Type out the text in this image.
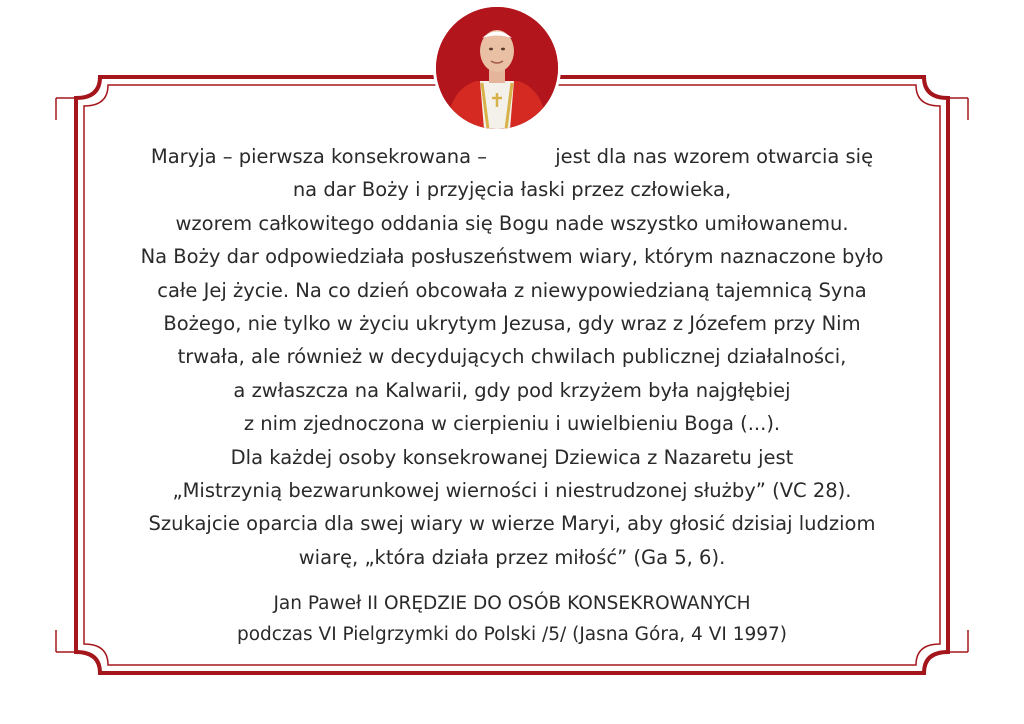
Maryja – pierwsza konsekrowana –           jest dla nas wzorem otwarcia się
na dar Boży i przyjęcia łaski przez człowieka,
wzorem całkowitego oddania się Bogu nade wszystko umiłowanemu.
Na Boży dar odpowiedziała posłuszeństwem wiary, którym naznaczone było
całe Jej życie. Na co dzień obcowała z niewypowiedzianą tajemnicą Syna
Bożego, nie tylko w życiu ukrytym Jezusa, gdy wraz z Józefem przy Nim
trwała, ale również w decydujących chwilach publicznej działalności,
a zwłaszcza na Kalwarii, gdy pod krzyżem była najgłębiej
z nim zjednoczona w cierpieniu i uwielbieniu Boga (...).
Dla każdej osoby konsekrowanej Dziewica z Nazaretu jest
„Mistrzynią bezwarunkowej wierności i niestrudzonej służby” (VC 28).
Szukajcie oparcia dla swej wiary w wierze Maryi, aby głosić dzisiaj ludziom
wiarę, „która działa przez miłość” (Ga 5, 6).
Jan Paweł II ORĘDZIE DO OSÓB KONSEKROWANYCH
podczas VI Pielgrzymki do Polski /5/ (Jasna Góra, 4 VI 1997)
